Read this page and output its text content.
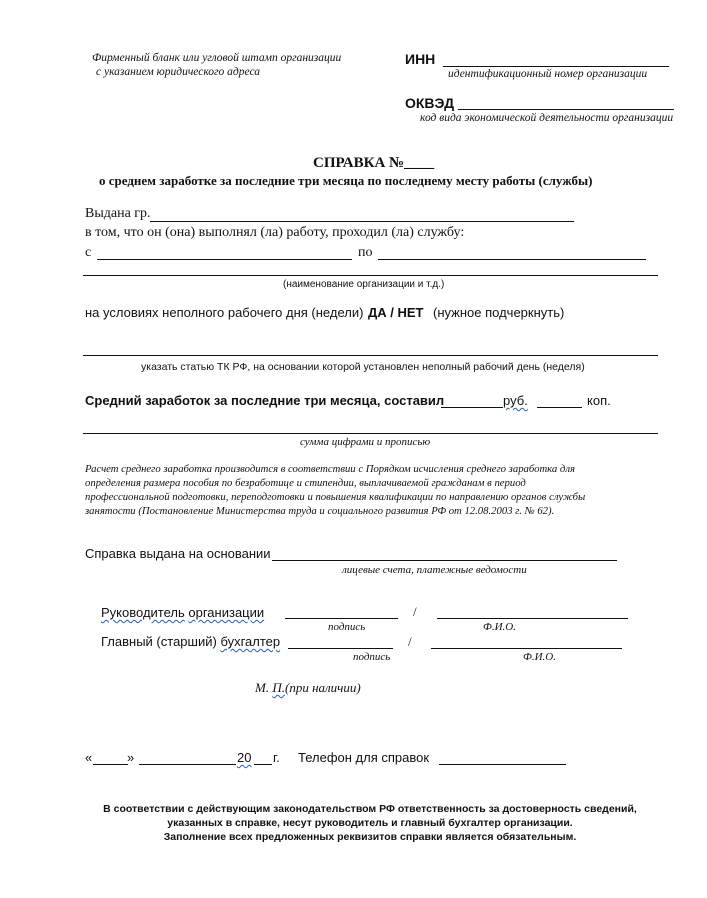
Фирменный бланк или угловой штамп организации
с указанием юридического адреса
ИНН
идентификационный номер организации
ОКВЭД
код вида экономической деятельности организации
СПРАВКА №____
о среднем заработке за последние три месяца по последнему месту работы (службы)
Выдана гр.
в том, что он (она) выполнял (ла) работу, проходил (ла) службу:
с	по
(наименование организации и т.д.)
на условиях неполного рабочего дня (недели) ДА / НЕТ (нужное подчеркнуть)
указать статью ТК РФ, на основании которой установлен неполный рабочий день (неделя)
Средний заработок за последние три месяца, составил	руб.	коп.
сумма цифрами и прописью
Расчет среднего заработка производится в соответствии с Порядком исчисления среднего заработка для
определения размера пособия по безработице и стипендии, выплачиваемой гражданам в период
профессиональной подготовки, переподготовки и повышения квалификации по направлению органов службы
занятости (Постановление Министерства труда и социального развития РФ от 12.08.2003 г. № 62).
Справка выдана на основании
лицевые счета, платежные ведомости
Руководитель организации
подпись
/
Ф.И.О.
Главный (старший) бухгалтер
подпись
/
Ф.И.О.
М. П.(при наличии)
«	»	20 г. Телефон для справок
В соответствии с действующим законодательством РФ ответственность за достоверность сведений,
указанных в справке, несут руководитель и главный бухгалтер организации.
Заполнение всех предложенных реквизитов справки является обязательным.
